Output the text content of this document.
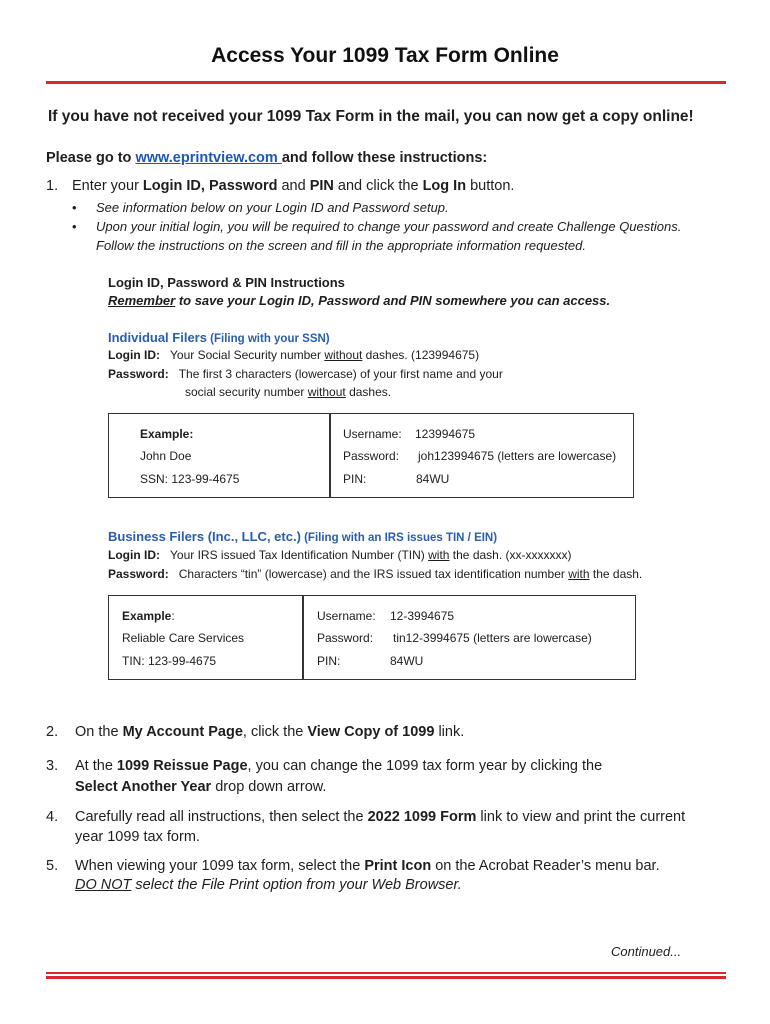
Access Your 1099 Tax Form Online
If you have not received your 1099 Tax Form in the mail, you can now get a copy online!
Please go to www.eprintview.com and follow these instructions:
1. Enter your Login ID, Password and PIN and click the Log In button.
• See information below on your Login ID and Password setup.
• Upon your initial login, you will be required to change your password and create Challenge Questions.
Follow the instructions on the screen and fill in the appropriate information requested.
Login ID, Password & PIN Instructions
Remember to save your Login ID, Password and PIN somewhere you can access.
Individual Filers (Filing with your SSN)
Login ID: Your Social Security number without dashes. (123994675)
Password: The first 3 characters (lowercase) of your first name and your
social security number without dashes.
Example:
John Doe
SSN: 123-99-4675
Username: 123994675
Password: joh123994675 (letters are lowercase)
PIN:	84WU
Business Filers (Inc., LLC, etc.) (Filing with an IRS issues TIN / EIN)
Login ID: Your IRS issued Tax Identification Number (TIN) with the dash. (xx-xxxxxxx)
Password: Characters “tin” (lowercase) and the IRS issued tax identification number with the dash.
Example:
Reliable Care Services
TIN: 123-99-4675
Username: 12-3994675
Password: tin12-3994675 (letters are lowercase)
PIN:	84WU
2. On the My Account Page, click the View Copy of 1099 link.
3. At the 1099 Reissue Page, you can change the 1099 tax form year by clicking the
Select Another Year drop down arrow.
4. Carefully read all instructions, then select the 2022 1099 Form link to view and print the current
year 1099 tax form.
5. When viewing your 1099 tax form, select the Print Icon on the Acrobat Reader’s menu bar.
DO NOT select the File Print option from your Web Browser.
Continued...
